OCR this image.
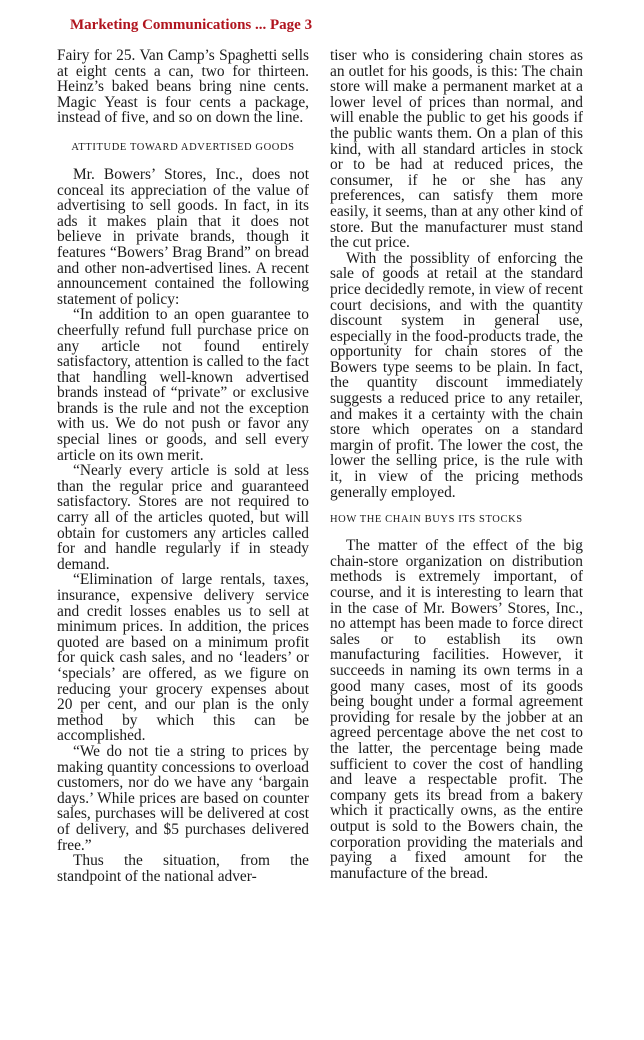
Marketing Communications ... Page 3

Fairy for 25. Van Camp’s Spaghetti sells at eight cents a can, two for thirteen. Heinz’s baked beans bring nine cents. Magic Yeast is four cents a package, instead of five, and so on down the line.

ATTITUDE TOWARD ADVERTISED GOODS

Mr. Bowers’ Stores, Inc., does not conceal its appreciation of the value of advertising to sell goods. In fact, in its ads it makes plain that it does not believe in private brands, though it features “Bowers’ Brag Brand” on bread and other non-advertised lines. A recent announcement contained the following statement of policy:

“In addition to an open guarantee to cheerfully refund full purchase price on any article not found entirely satisfactory, attention is called to the fact that handling well-known advertised brands instead of “private” or exclusive brands is the rule and not the exception with us. We do not push or favor any special lines or goods, and sell every article on its own merit.

“Nearly every article is sold at less than the regular price and guaranteed satisfactory. Stores are not required to carry all of the articles quoted, but will obtain for customers any articles called for and handle regularly if in steady demand.

“Elimination of large rentals, taxes, insurance, expensive delivery service and credit losses enables us to sell at minimum prices. In addition, the prices quoted are based on a minimum profit for quick cash sales, and no ‘leaders’ or ‘specials’ are offered, as we figure on reducing your grocery expenses about 20 per cent, and our plan is the only method by which this can be accomplished.

“We do not tie a string to prices by making quantity concessions to overload customers, nor do we have any ‘bargain days.’ While prices are based on counter sales, purchases will be delivered at cost of delivery, and $5 purchases delivered free.”

Thus the situation, from the standpoint of the national adver-

tiser who is considering chain stores as an outlet for his goods, is this: The chain store will make a permanent market at a lower level of prices than normal, and will enable the public to get his goods if the public wants them. On a plan of this kind, with all standard articles in stock or to be had at reduced prices, the consumer, if he or she has any preferences, can satisfy them more easily, it seems, than at any other kind of store. But the manufacturer must stand the cut price.

With the possiblity of enforcing the sale of goods at retail at the standard price decidedly remote, in view of recent court decisions, and with the quantity discount system in general use, especially in the food-products trade, the opportunity for chain stores of the Bowers type seems to be plain. In fact, the quantity discount immediately suggests a reduced price to any retailer, and makes it a certainty with the chain store which operates on a standard margin of profit. The lower the cost, the lower the selling price, is the rule with it, in view of the pricing methods generally employed.

HOW THE CHAIN BUYS ITS STOCKS

The matter of the effect of the big chain-store organization on distribution methods is extremely important, of course, and it is interesting to learn that in the case of Mr. Bowers’ Stores, Inc., no attempt has been made to force direct sales or to establish its own manufacturing facilities. However, it succeeds in naming its own terms in a good many cases, most of its goods being bought under a formal agreement providing for resale by the jobber at an agreed percentage above the net cost to the latter, the percentage being made sufficient to cover the cost of handling and leave a respectable profit. The company gets its bread from a bakery which it practically owns, as the entire output is sold to the Bowers chain, the corporation providing the materials and paying a fixed amount for the manufacture of the bread.
